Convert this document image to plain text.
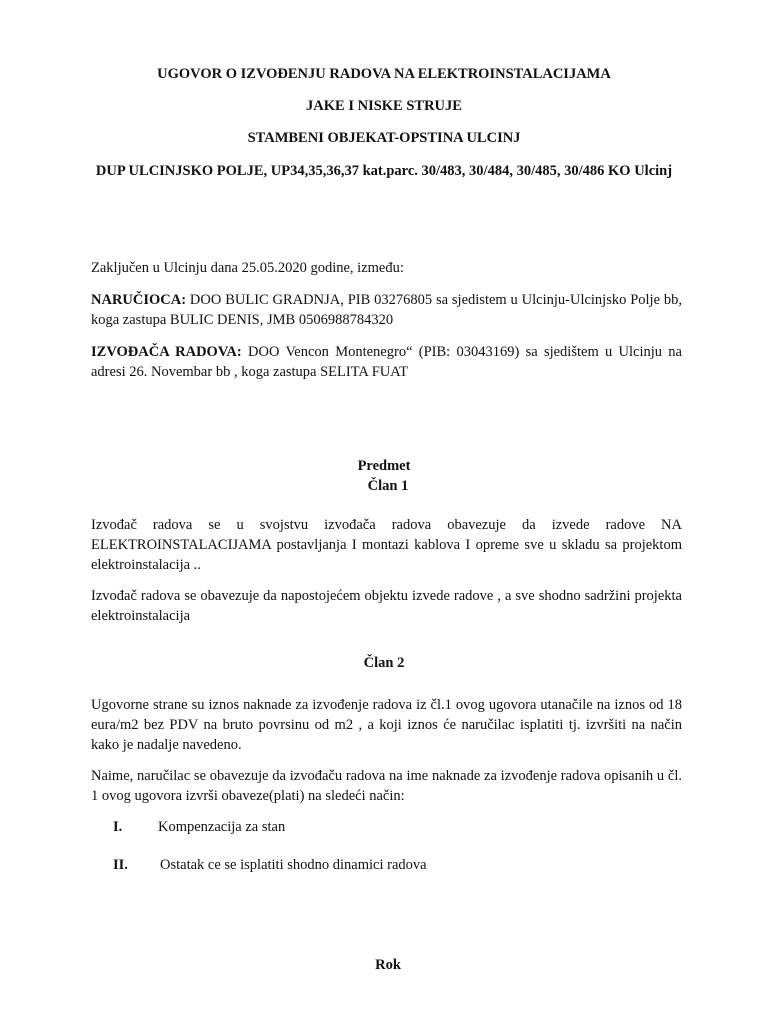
UGOVOR O IZVOĐENJU RADOVA NA ELEKTROINSTALACIJAMA
JAKE I NISKE STRUJE
STAMBENI OBJEKAT-OPSTINA ULCINJ
DUP ULCINJSKO POLJE, UP34,35,36,37 kat.parc. 30/483, 30/484, 30/485, 30/486 KO Ulcinj
Zaključen u Ulcinju dana 25.05.2020 godine, između:
NARUČIOCA: DOO BULIC GRADNJA, PIB 03276805 sa sjedistem u Ulcinju-Ulcinjsko Polje bb, koga zastupa BULIC DENIS, JMB 0506988784320
IZVOĐAČA RADOVA: DOO Vencon Montenegro“ (PIB: 03043169) sa sjedištem u Ulcinju na adresi 26. Novembar bb , koga zastupa SELITA FUAT
Predmet
Član 1
Izvođač radova se u svojstvu izvođača radova obavezuje da izvede radove NA ELEKTROINSTALACIJAMA postavljanja I montazi kablova I opreme sve u skladu sa projektom elektroinstalacija ..
Izvođač radova se obavezuje da napostojećem objektu izvede radove , a sve shodno sadržini projekta elektroinstalacija
Član 2
Ugovorne strane su iznos naknade za izvođenje radova iz čl.1 ovog ugovora utanačile na iznos od 18 eura/m2 bez PDV na bruto povrsinu od m2 , a koji iznos će naručilac isplatiti tj. izvršiti na način kako je nadalje navedeno.
Naime, naručilac se obavezuje da izvođaču radova na ime naknade za izvođenje radova opisanih u čl. 1 ovog ugovora izvrši obaveze(plati) na sledeći način:
I. Kompenzacija za stan
II. Ostatak ce se isplatiti shodno dinamici radova
Rok
